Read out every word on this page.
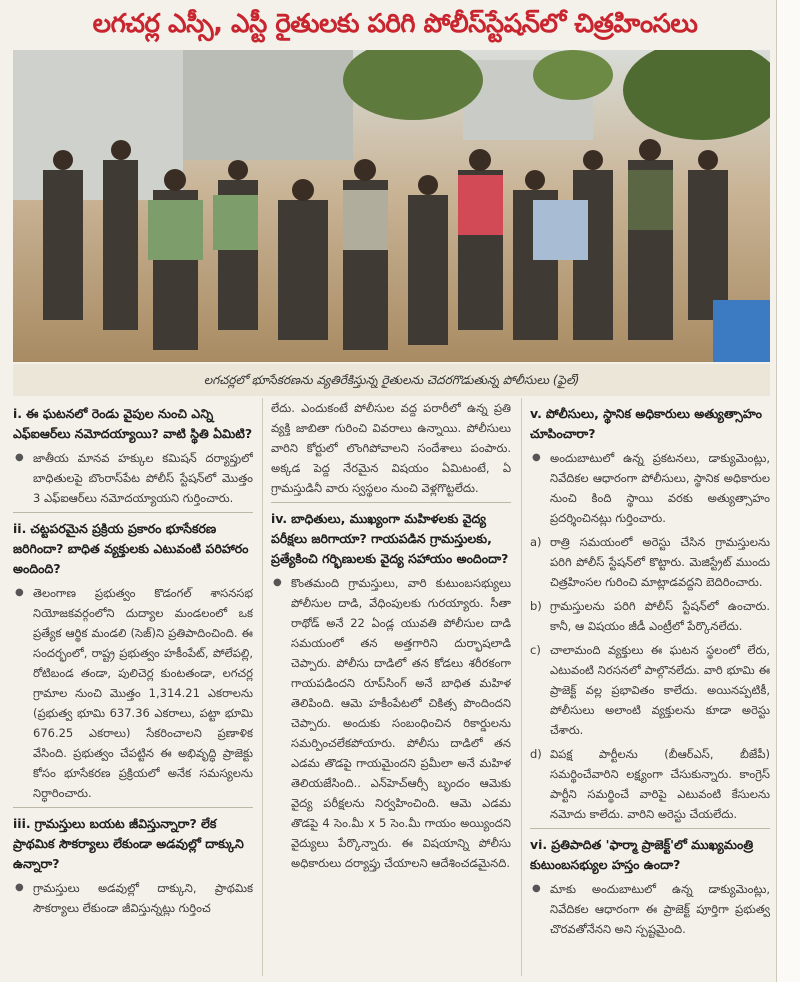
లగచర్ల ఎస్సీ, ఎస్టీ రైతులకు పరిగి పోలీస్‌స్టేషన్‌లో చిత్రహింసలు
లగచర్లలో భూసేకరణను వ్యతిరేకిస్తున్న రైతులను చెదరగొడుతున్న పోలీసులు (ఫైల్)
i. ఈ ఘటనలో రెండు వైపుల నుంచి ఎన్ని ఎఫ్ఐఆర్‌లు నమోదయ్యాయి? వాటి స్థితి ఏమిటి?
● జాతీయ మానవ హక్కుల కమిషన్ దర్యాప్తులో బాధితులపై బొంరాస్‌పేట పోలీస్ స్టేషన్‌లో మొత్తం 3 ఎఫ్ఐఆర్‌లు నమోదయ్యాయని గుర్తించారు.
ii. చట్టపరమైన ప్రక్రియ ప్రకారం భూసేకరణ జరిగిందా? బాధిత వ్యక్తులకు ఎటువంటి పరిహారం అందింది?
● తెలంగాణ ప్రభుత్వం కొడంగల్ శాసనసభ నియోజకవర్గంలోని దుద్యాల మండలంలో ఒక ప్రత్యేక ఆర్థిక మండలి (సెజ్)ని ప్రతిపాదించింది. ఈ సందర్భంలో, రాష్ట్ర ప్రభుత్వం హకీంపేట్, పోలేపల్లి, రోటిబండ తండా, పులిచెర్ల కుంటతండా, లగచర్ల గ్రామాల నుంచి మొత్తం 1,314.21 ఎకరాలను (ప్రభుత్వ భూమి 637.36 ఎకరాలు, పట్టా భూమి 676.25 ఎకరాలు) సేకరించాలని ప్రణాళిక వేసింది. ప్రభుత్వం చేపట్టిన ఈ అభివృద్ధి ప్రాజెక్టు కోసం భూసేకరణ ప్రక్రియలో అనేక సమస్యలను నిర్ధారించారు.
iii. గ్రామస్తులు బయట జీవిస్తున్నారా? లేక ప్రాథమిక సౌకర్యాలు లేకుండా అడవుల్లో దాక్కుని ఉన్నారా?
● గ్రామస్తులు అడవుల్లో దాక్కుని, ప్రాథమిక సౌకర్యాలు లేకుండా జీవిస్తున్నట్లు గుర్తించ
లేదు. ఎందుకంటే పోలీసుల వద్ద పరారీలో ఉన్న ప్రతి వ్యక్తి జాబితా గురించి వివరాలు ఉన్నాయి. పోలీసులు వారిని కోర్టులో లొంగిపోవాలని సందేశాలు పంపారు. అక్కడ పెద్ద నేరమైన విషయం ఏమిటంటే, ఏ గ్రామస్తుడినీ వారు స్వస్థలం నుంచి వెళ్లగొట్టలేదు.
iv. బాధితులు, ముఖ్యంగా మహిళలకు వైద్య పరీక్షలు జరిగాయా? గాయపడిన గ్రామస్తులకు, ప్రత్యేకించి గర్భిణులకు వైద్య సహాయం అందిందా?
● కొంతమంది గ్రామస్తులు, వారి కుటుంబసభ్యులు పోలీసుల దాడి, వేధింపులకు గురయ్యారు. సీతా రాథోడ్ అనే 22 ఏండ్ల యువతి పోలీసుల దాడి సమయంలో తన అత్తగారిని దుర్భాషలాడి చెప్పారు. పోలీసు దాడిలో తన కోడలు శరీరకంగా గాయపడిందని రూప్‌సింగ్ అనే బాధిత మహిళ తెలిపింది. ఆమె హకీంపేటలో చికిత్స పొందిందని చెప్పారు. అందుకు సంబంధించిన రికార్డులను సమర్పించలేకపోయారు. పోలీసు దాడిలో తన ఎడమ తొడపై గాయమైందని ప్రమీలా అనే మహిళ తెలియజేసింది.. ఎన్‌హెచ్‌ఆర్సీ బృందం ఆమెకు వైద్య పరీక్షలను నిర్వహించింది. ఆమె ఎడమ తొడపై 4 సెం.మీ x 5 సెం.మీ గాయం అయ్యిందని వైద్యులు పేర్కొన్నారు. ఈ విషయాన్ని పోలీసు అధికారులు దర్యాప్తు చేయాలని ఆదేశించడమైనది.
v. పోలీసులు, స్థానిక అధికారులు అత్యుత్సాహం చూపించారా?
● అందుబాటులో ఉన్న ప్రకటనలు, డాక్యుమెంట్లు, నివేదికల ఆధారంగా పోలీసులు, స్థానిక అధికారుల నుంచి కింది స్థాయి వరకు అత్యుత్సాహం ప్రదర్శించినట్లు గుర్తించారు.
a) రాత్రి సమయంలో అరెస్టు చేసిన గ్రామస్తులను పరిగి పోలీస్ స్టేషన్‌లో కొట్టారు. మెజిస్ట్రేట్ ముందు చిత్రహింసల గురించి మాట్లాడవద్దని బెదిరించారు.
b) గ్రామస్తులను పరిగి పోలీస్ స్టేషన్‌లో ఉంచారు. కానీ, ఆ విషయం జీడీ ఎంట్రీలో పేర్కొనలేదు.
c) చాలామంది వ్యక్తులు ఈ ఘటన స్థలంలో లేరు, ఎటువంటి నిరసనలో పాల్గొనలేదు. వారి భూమి ఈ ప్రాజెక్ట్ వల్ల ప్రభావితం కాలేదు. అయినప్పటికీ, పోలీసులు అలాంటి వ్యక్తులను కూడా అరెస్టు చేశారు.
d) విపక్ష పార్టీలను (బీఆర్ఎస్, బీజేపీ) సమర్థించేవారిని లక్ష్యంగా చేసుకున్నారు. కాంగ్రెస్ పార్టీని సమర్థించే వారిపై ఎటువంటి కేసులను నమోదు కాలేదు. వారిని అరెస్టు చేయలేదు.
vi. ప్రతిపాదిత 'ఫార్మా ప్రాజెక్ట్'లో ముఖ్యమంత్రి కుటుంబసభ్యుల హస్తం ఉందా?
● మాకు అందుబాటులో ఉన్న డాక్యుమెంట్లు, నివేదికల ఆధారంగా ఈ ప్రాజెక్ట్ పూర్తిగా ప్రభుత్వ చొరవతోనేనని అని స్పష్టమైంది.
